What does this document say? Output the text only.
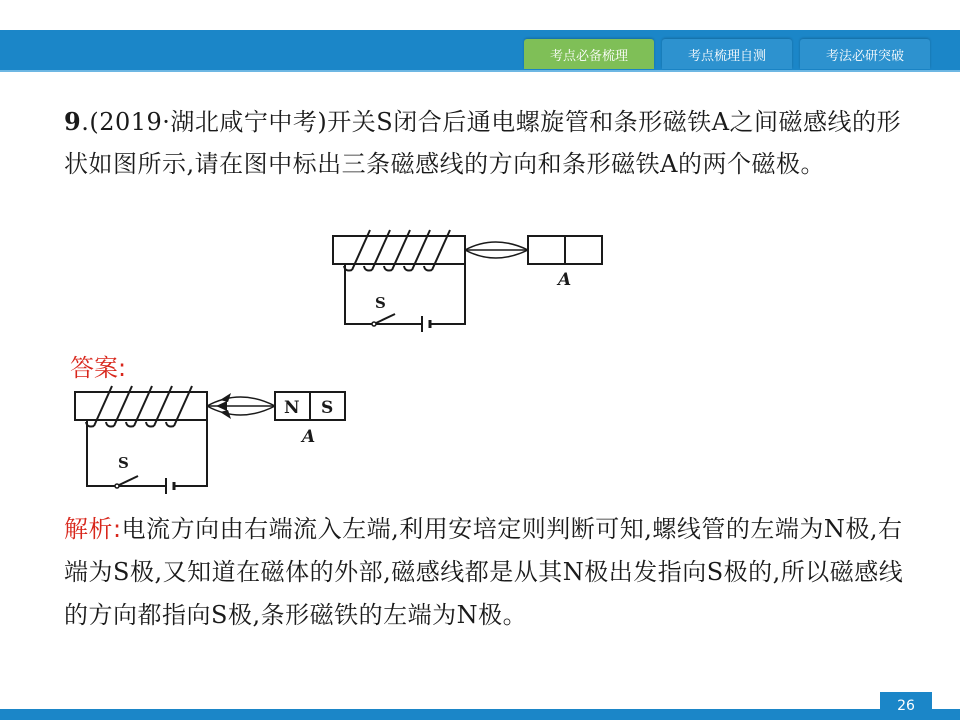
考点必备梳理	考点梳理自测	考法必研突破
9.(2019·湖北咸宁中考)开关S闭合后通电螺旋管和条形磁铁A之间磁感线的形状如图所示,请在图中标出三条磁感线的方向和条形磁铁A的两个磁极。
A
S
答案:
N S
A
S
解析:电流方向由右端流入左端,利用安培定则判断可知,螺线管的左端为N极,右端为S极,又知道在磁体的外部,磁感线都是从其N极出发指向S极的,所以磁感线的方向都指向S极,条形磁铁的左端为N极。
26
